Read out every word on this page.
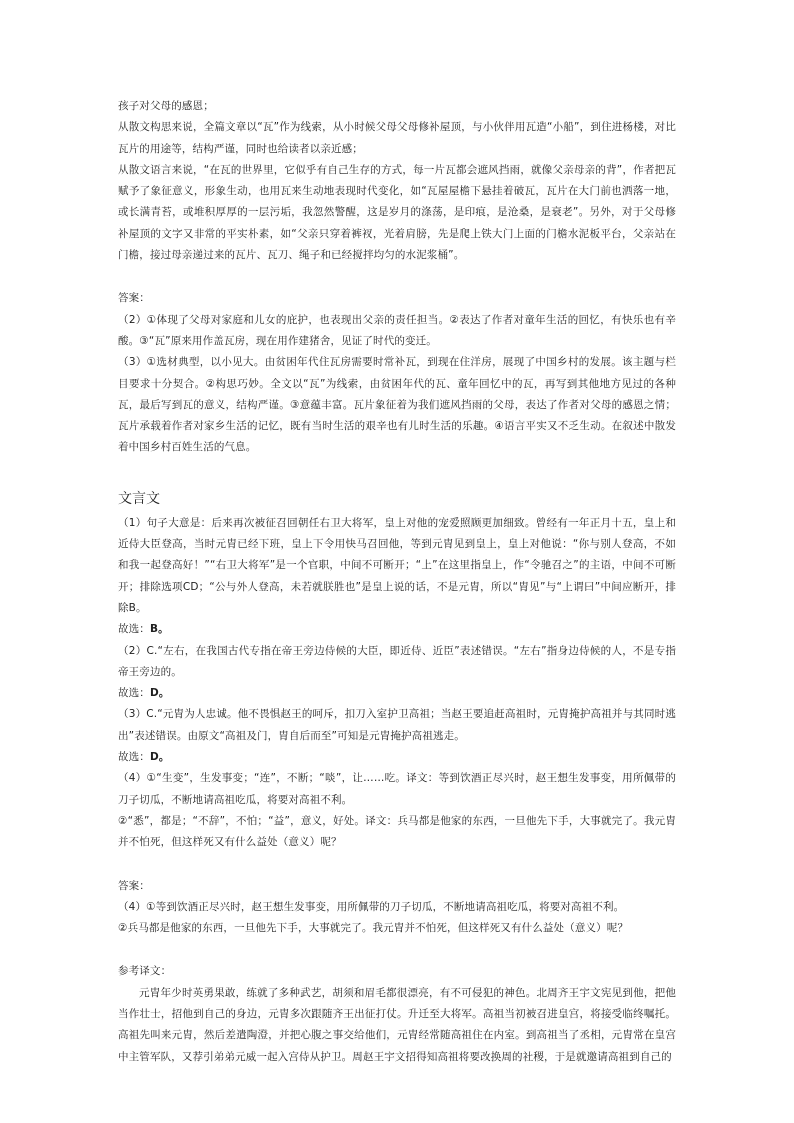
孩子对父母的感恩；

从散文构思来说，全篇文章以“瓦”作为线索，从小时候父母父母修补屋顶，与小伙伴用瓦造“小船”，到住进杨楼，对比瓦片的用途等，结构严谨，同时也给读者以亲近感；

从散文语言来说，“在瓦的世界里，它似乎有自己生存的方式，每一片瓦都会遮风挡雨，就像父亲母亲的背”，作者把瓦赋予了象征意义，形象生动，也用瓦来生动地表现时代变化，如“瓦屋屋檐下悬挂着破瓦，瓦片在大门前也洒落一地，或长满青苔，或堆积厚厚的一层污垢，我忽然警醒，这是岁月的涤荡，是印痕，是沧桑，是衰老”。另外，对于父母修补屋顶的文字又非常的平实朴素，如“父亲只穿着裤衩，光着肩膀，先是爬上铁大门上面的门檐水泥板平台，父亲站在门檐，接过母亲递过来的瓦片、瓦刀、绳子和已经搅拌均匀的水泥浆桶”。

答案：

（2）①体现了父母对家庭和儿女的庇护，也表现出父亲的责任担当。②表达了作者对童年生活的回忆，有快乐也有辛酸。③“瓦”原来用作盖瓦房，现在用作建猪舍，见证了时代的变迁。

（3）①选材典型，以小见大。由贫困年代住瓦房需要时常补瓦，到现在住洋房，展现了中国乡村的发展。该主题与栏目要求十分契合。②构思巧妙。全文以“瓦”为线索，由贫困年代的瓦、童年回忆中的瓦，再写到其他地方见过的各种瓦，最后写到瓦的意义，结构严谨。③意蕴丰富。瓦片象征着为我们遮风挡雨的父母，表达了作者对父母的感恩之情；瓦片承载着作者对家乡生活的记忆，既有当时生活的艰辛也有儿时生活的乐趣。④语言平实又不乏生动。在叙述中散发着中国乡村百姓生活的气息。

文言文

（1）句子大意是：后来再次被征召回朝任右卫大将军，皇上对他的宠爱照顾更加细致。曾经有一年正月十五，皇上和近侍大臣登高，当时元胄已经下班，皇上下令用快马召回他，等到元胄见到皇上，皇上对他说：“你与别人登高，不如和我一起登高好！”“右卫大将军”是一个官职，中间不可断开；“上”在这里指皇上，作“令驰召之”的主语，中间不可断开；排除选项CD；“公与外人登高，未若就朕胜也”是皇上说的话，不是元胄，所以“胄见”与“上谓曰”中间应断开，排除B。

故选：B。

（2）C.“左右，在我国古代专指在帝王旁边侍候的大臣，即近侍、近臣”表述错误。“左右”指身边侍候的人，不是专指帝王旁边的。

故选：D。

（3）C.“元胄为人忠诚。他不畏惧赵王的呵斥，扣刀入室护卫高祖；当赵王要追赶高祖时，元胄掩护高祖并与其同时逃出”表述错误。由原文“高祖及门，胄自后而至”可知是元胄掩护高祖逃走。

故选：D。

（4）①“生变”，生发事变；“连”，不断；“啖”，让……吃。译文：等到饮酒正尽兴时，赵王想生发事变，用所佩带的刀子切瓜，不断地请高祖吃瓜，将要对高祖不利。

②“悉”，都是；“不辞”，不怕；“益”，意义，好处。译文：兵马都是他家的东西，一旦他先下手，大事就完了。我元胄并不怕死，但这样死又有什么益处（意义）呢？

答案：

（4）①等到饮酒正尽兴时，赵王想生发事变，用所佩带的刀子切瓜，不断地请高祖吃瓜，将要对高祖不利。

②兵马都是他家的东西，一旦他先下手，大事就完了。我元胄并不怕死，但这样死又有什么益处（意义）呢？

参考译文：

元胄年少时英勇果敢，练就了多种武艺，胡须和眉毛都很漂亮，有不可侵犯的神色。北周齐王宇文宪见到他，把他当作壮士，招他到自己的身边，元胄多次跟随齐王出征打仗。升迁至大将军。高祖当初被召进皇宫，将接受临终嘱托。高祖先叫来元胄，然后差遣陶澄，并把心腹之事交给他们，元胄经常随高祖住在内室。到高祖当了丞相，元胄常在皇宫中主管军队，又荐引弟弟元威一起入宫侍从护卫。周赵王宇文招得知高祖将要改换周的社稷，于是就邀请高祖到自己的
